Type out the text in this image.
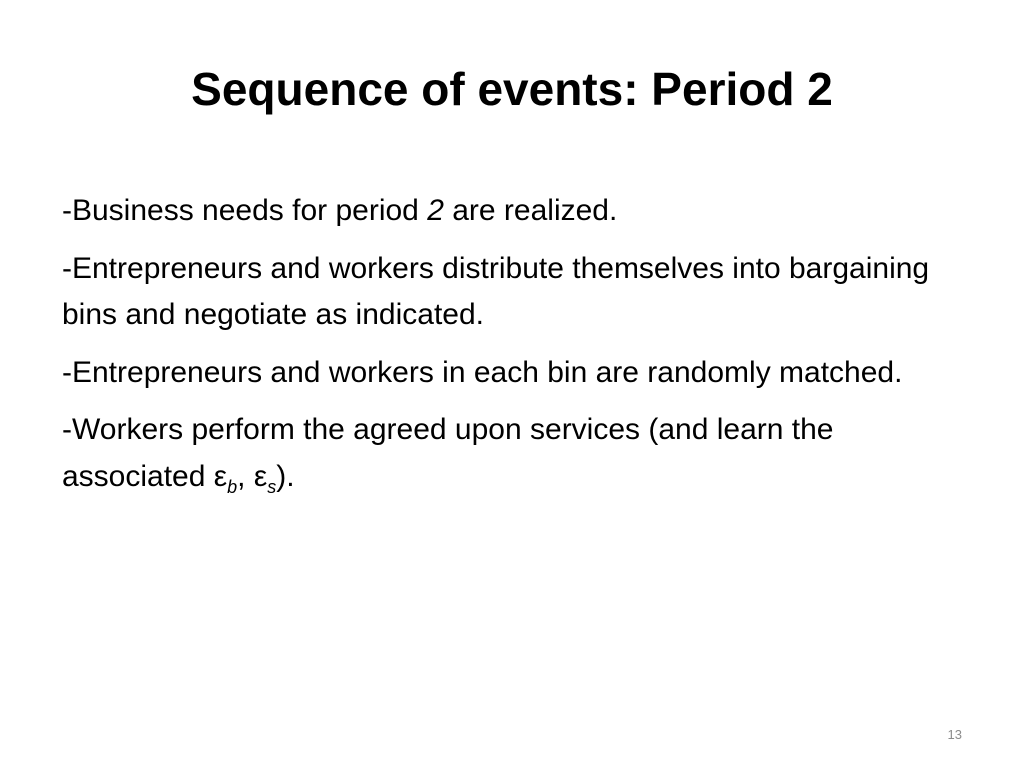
Sequence of events: Period 2

-Business needs for period 2 are realized.

-Entrepreneurs and workers distribute themselves into bargaining bins and negotiate as indicated.

-Entrepreneurs and workers in each bin are randomly matched.

-Workers perform the agreed upon services (and learn the associated $\varepsilon_b$, $\varepsilon_s$).

13
